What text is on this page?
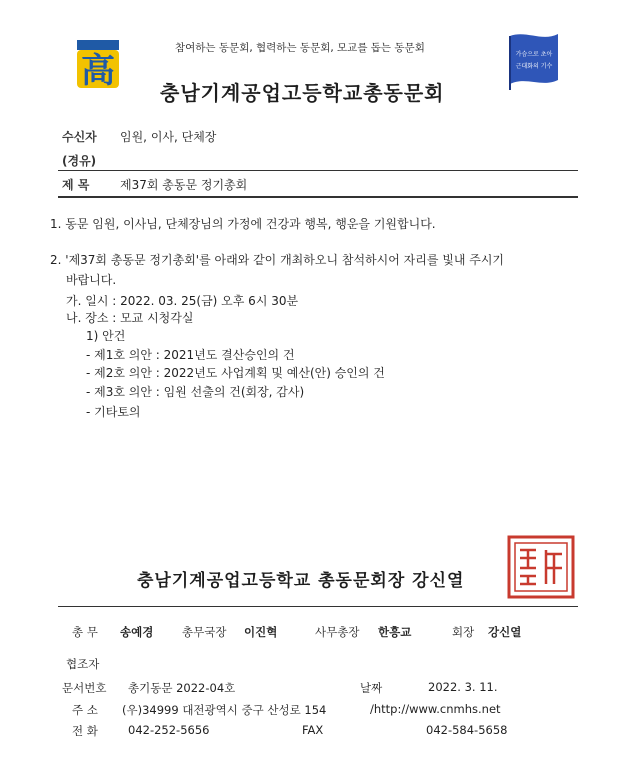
참여하는 동문회, 협력하는 동문회, 모교를 돕는 동문회
高
충남기계공업고등학교총동문회
가슴으로 초아
근대화의 기수
수신자 임원, 이사, 단체장
(경유)
제 목	제37회 총동문 정기총회
1. 동문 임원, 이사님, 단체장님의 가정에 건강과 행복, 행운을 기원합니다.
2. '제37회 총동문 정기총회'를 아래와 같이 개최하오니 참석하시어 자리를 빛내 주시기
바랍니다.
가. 일시 : 2022. 03. 25(금) 오후 6시 30분
나. 장소 : 모교 시청각실
1) 안건
- 제1호 의안 : 2021년도 결산승인의 건
- 제2호 의안 : 2022년도 사업계획 및 예산(안) 승인의 건
- 제3호 의안 : 임원 선출의 건(회장, 감사)
- 기타토의
충남기계공업고등학교 총동문회장 강신열
총 무 송예경 총무국장 이진혁	사무총장 한흥교	회장 강신열
협조자
문서번호 총기동문 2022-04호	날짜	2022. 3. 11.
주 소 (우)34999 대전광역시 중구 산성로 154	/http://www.cnmhs.net
전 화	042-252-5656	FAX	042-584-5658
